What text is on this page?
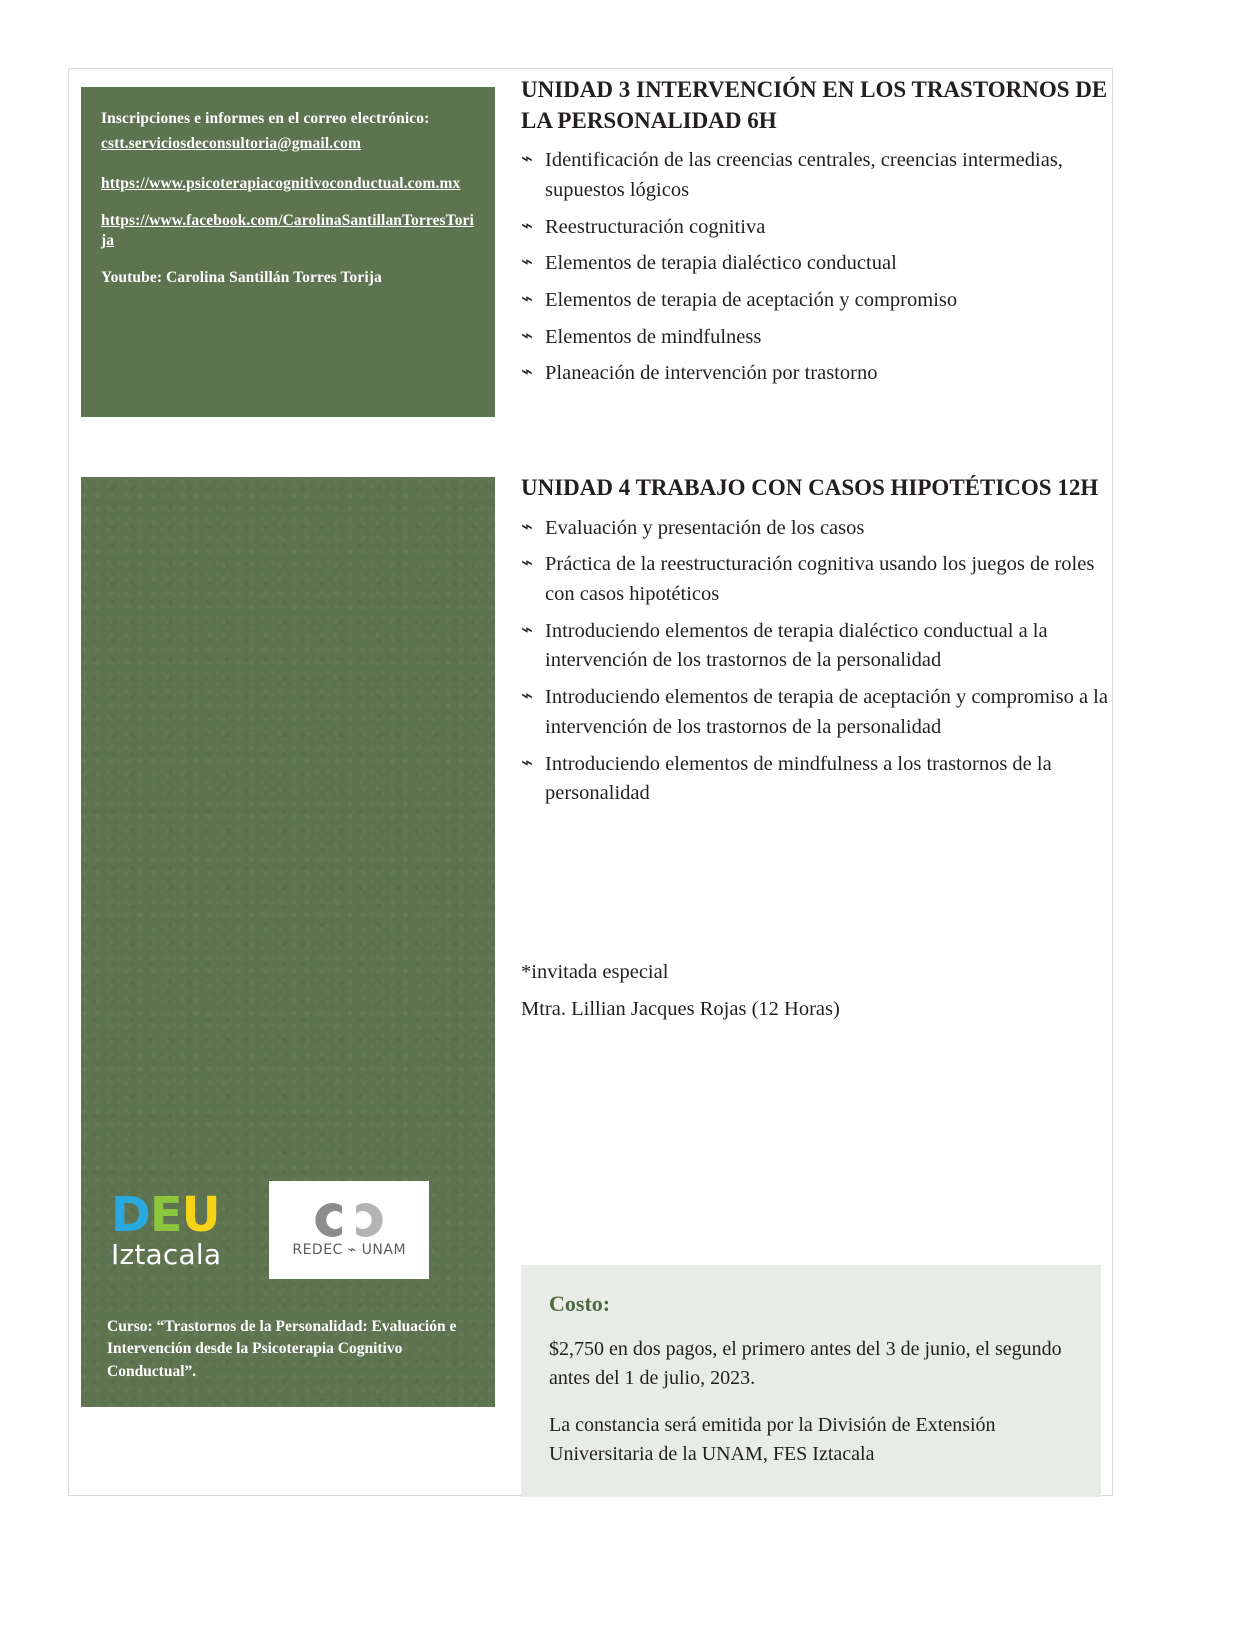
Inscripciones e informes en el correo electrónico:

cstt.serviciosdeconsultoria@gmail.com

https://www.psicoterapiacognitivoconductual.com.mx

https://www.facebook.com/CarolinaSantillanTorresTorija

Youtube: Carolina Santillán Torres Torija

D E U
Iztacala	REDEC ⌁ UNAM
Curso: “Trastornos de la Personalidad: Evaluación e Intervención desde la Psicoterapia Cognitivo Conductual”.
UNIDAD 3 INTERVENCIÓN EN LOS TRASTORNOS DE LA PERSONALIDAD 6H
⌁ Identificación de las creencias centrales, creencias intermedias, supuestos lógicos
⌁ Reestructuración cognitiva
⌁ Elementos de terapia dialéctico conductual
⌁ Elementos de terapia de aceptación y compromiso
⌁ Elementos de mindfulness
⌁ Planeación de intervención por trastorno
UNIDAD 4 TRABAJO CON CASOS HIPOTÉTICOS 12H
⌁ Evaluación y presentación de los casos
⌁ Práctica de la reestructuración cognitiva usando los juegos de roles con casos hipotéticos
⌁ Introduciendo elementos de terapia dialéctico conductual a la intervención de los trastornos de la personalidad
⌁ Introduciendo elementos de terapia de aceptación y compromiso a la intervención de los trastornos de la personalidad
⌁ Introduciendo elementos de mindfulness a los trastornos de la personalidad

*invitada especial

Mtra. Lillian Jacques Rojas (12 Horas)

Costo:

$2,750 en dos pagos, el primero antes del 3 de junio, el segundo antes del 1 de julio, 2023.

La constancia será emitida por la División de Extensión Universitaria de la UNAM, FES Iztacala
